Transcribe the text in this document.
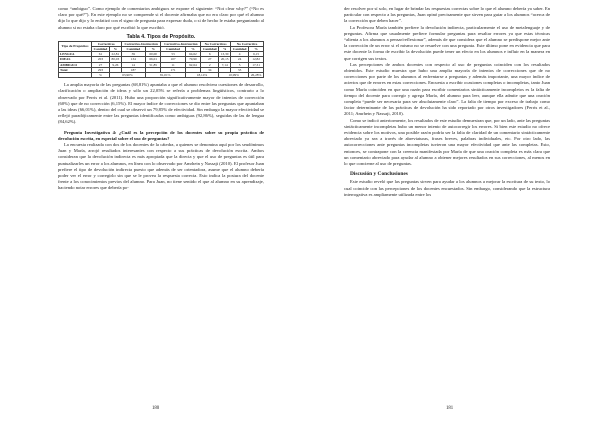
como “ambiguo”. Como ejemplo de comentarios ambiguos se expone el siguiente: “Not clear why?” (“No es claro por qué?”). En este ejemplo no se comprende si el docente afirmaba que no era claro por qué el alumno dijo lo que dijo y lo enfatizó con el signo de pregunta para expresar duda, o si de hecho le estaba preguntando al alumno si no estaba claro por qué escribió lo que escribió.

Tabla 4. Tipos de Propósito.
Tipo de Propósitos	Correctivos		Correctivo-Instrucción		Correctivo-Instrucción		No Correctivos		No Correctivo	
	Cantidad	%	Cantidad	%	Cantidad	%	Cantidad	%	Cantidad	%
LENGUA	61	22,81	39	60,00	53	64,62	6	13,30	4	6,15
IDEAS	203	80,03	134	66,01	107	79,90	27	20,15	24	12,82
AMBIGUO	27	9,26	14	51,85	11	92,64	2	7,14	5	17,31
Total	293		187		171		34		33	
	%	63,90%		81,01%		18,14%		10,99%		26,28%

La amplia mayoría de las preguntas (68,81%) apuntaba a que el alumno resolviera cuestiones de desarrollo, clarificación o ampliación de ideas y sólo un 22,05% se refería a problemas lingüísticos, contrario a lo observado por Ferris et al. (2011). Hubo una proporción significativamente mayor de intentos de corrección (60%) que de no corrección (6,15%). El mayor índice de correcciones se dio entre las preguntas que apuntaban a las ideas (66,01%), dentro del cual se observó un 79,85% de efectividad. Sin embargo la mayor efectividad se reflejó paradójicamente entre las preguntas identificadas como ambiguas (92,86%), seguidas de las de lengua (84,62%).

Pregunta Investigativa 4: ¿Cuál es la percepción de los docentes sobre su propia práctica de devolución escrita, en especial sobre el uso de preguntas?

La encuesta realizada con dos de los docentes de la cátedra, a quienes se denomina aquí por los seudónimos Juan y María, arrojó resultados interesantes con respecto a sus prácticas de devolución escrita. Ambos consideran que la devolución indirecta es más apropiada que la directa y que el uso de preguntas es útil para puntualizarles un error a los alumnos, en línea con lo observado por Amrhein y Nassaji (2010). El profesor Juan prefiere el tipo de devolución indirecta puesto que además de ser orientadora, asume que el alumno debería poder ver el error y corregirlo sin que se le provea la respuesta correcta. Esto indica la postura del docente frente a los conocimientos previos del alumno. Para Juan, no tiene sentido el que al alumno en su aprendizaje, haciendo notar errores que debería po-

180

der resolver por sí solo, en lugar de brindar las respuestas correctas sobre lo que el alumno debería ya saber. En particular con respecto a las preguntas, Juan opinó precisamente que sirven para guiar a los alumnos “acerca de la corrección que deben hacer”.

La Profesora María también prefiere la devolución indirecta, particularmente el uso de metalenguaje y de preguntas. Afirma que usualmente prefiere formular preguntas para resaltar errores ya que estas técnicas “alienta a los alumnos a pensar/reflexionar”, además de que considera que el alumno se predispone mejor ante la corrección de un error si el mismo no se resuelve con una pregunta. Este último pone en evidencia que para este docente la forma de escribir la devolución puede tener un efecto en los alumnos e influir en la manera en que corrigen sus textos.

Las percepciones de ambos docentes con respecto al uso de preguntas coinciden con los resultados obtenidos. Este estudio muestra que hubo una amplia mayoría de intentos de correcciones que de no correcciones por parte de los alumnos al enfrentarse a preguntas y además importante, una mayor índice de aciertos que de errores en estas correcciones. Encuesta a escribir ocasiones completas o incompletas, tanto Juan como María coinciden en que una razón para escribir comentarios sintácticamente incompletos es la falta de tiempo del docente para corregir y agrega María, del alumno para leer, aunque ella admite que una oración completa “puede ser necesaria para ser absolutamente claro”. La falta de tiempo por exceso de trabajo como factor determinante de las prácticas de devolución ha sido reportado por otros investigadores (Ferris et al., 2011; Amrhein y Nassaji, 2010).

Como se indicó anteriormente, los resultados de este estudio demuestran que, por un lado, ante las preguntas sintácticamente incompletas hubo un menor intento de autocorregir los errores. Si bien este estudio no ofrece evidencia sobre los motivos, una posible razón podría ser la falta de claridad de un comentario sintácticamente abreviado ya sea a través de abreviaturas, frases breves, palabras individuales, etc. Por otro lado, las autocorrecciones ante preguntas incompletas tuvieron una mayor efectividad que ante las completas. Esto, entonces, se contrapone con la creencia manifestada por María de que una oración completa es más clara que un comentario abreviado para ayudar al alumno a obtener mejores resultados en sus correcciones, al menos en lo que concierne al uso de preguntas.

Discusión y Conclusiones

Este estudio reveló que las preguntas sirven para ayudar a los alumnos a mejorar la escritura de su texto, lo cual coincide con las percepciones de los docentes encuestados. Sin embargo, considerando que la estructura interrogativa es ampliamente utilizada entre los

181
